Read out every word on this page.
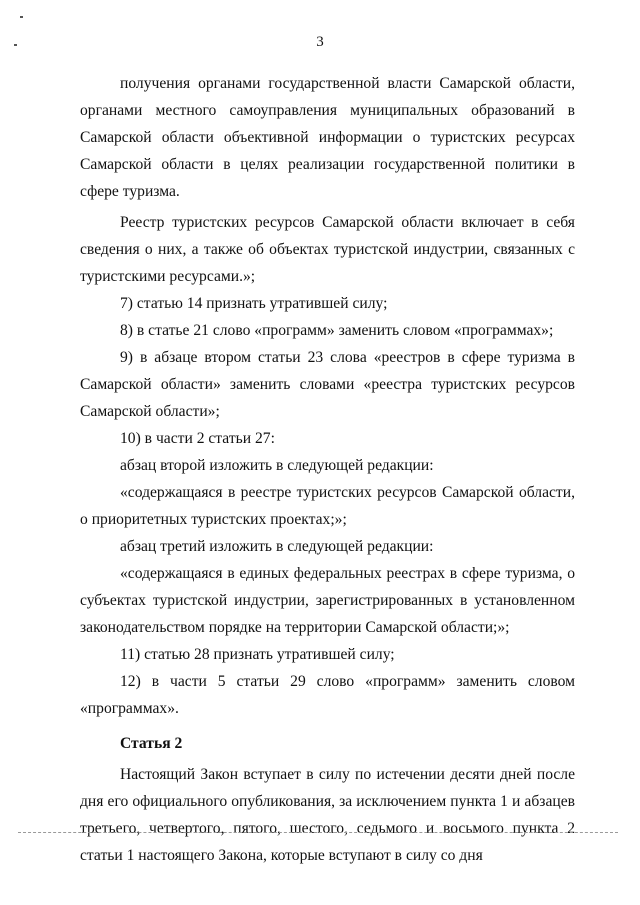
3

получения органами государственной власти Самарской области, органами местного самоуправления муниципальных образований в Самарской области объективной информации о туристских ресурсах Самарской области в целях реализации государственной политики в сфере туризма.

Реестр туристских ресурсов Самарской области включает в себя сведения о них, а также об объектах туристской индустрии, связанных с туристскими ресурсами.»;

7) статью 14 признать утратившей силу;

8) в статье 21 слово «программ» заменить словом «программах»;

9) в абзаце втором статьи 23 слова «реестров в сфере туризма в Самарской области» заменить словами «реестра туристских ресурсов Самарской области»;

10) в части 2 статьи 27:

абзац второй изложить в следующей редакции:

«содержащаяся в реестре туристских ресурсов Самарской области, о приоритетных туристских проектах;»;

абзац третий изложить в следующей редакции:

«содержащаяся в единых федеральных реестрах в сфере туризма, о субъектах туристской индустрии, зарегистрированных в установленном законодательством порядке на территории Самарской области;»;

11) статью 28 признать утратившей силу;

12) в части 5 статьи 29 слово «программ» заменить словом «программах».

Статья 2

Настоящий Закон вступает в силу по истечении десяти дней после дня его официального опубликования, за исключением пункта 1 и абзацев третьего, четвертого, пятого, шестого, седьмого и восьмого пункта 2 статьи 1 настоящего Закона, которые вступают в силу со дня
